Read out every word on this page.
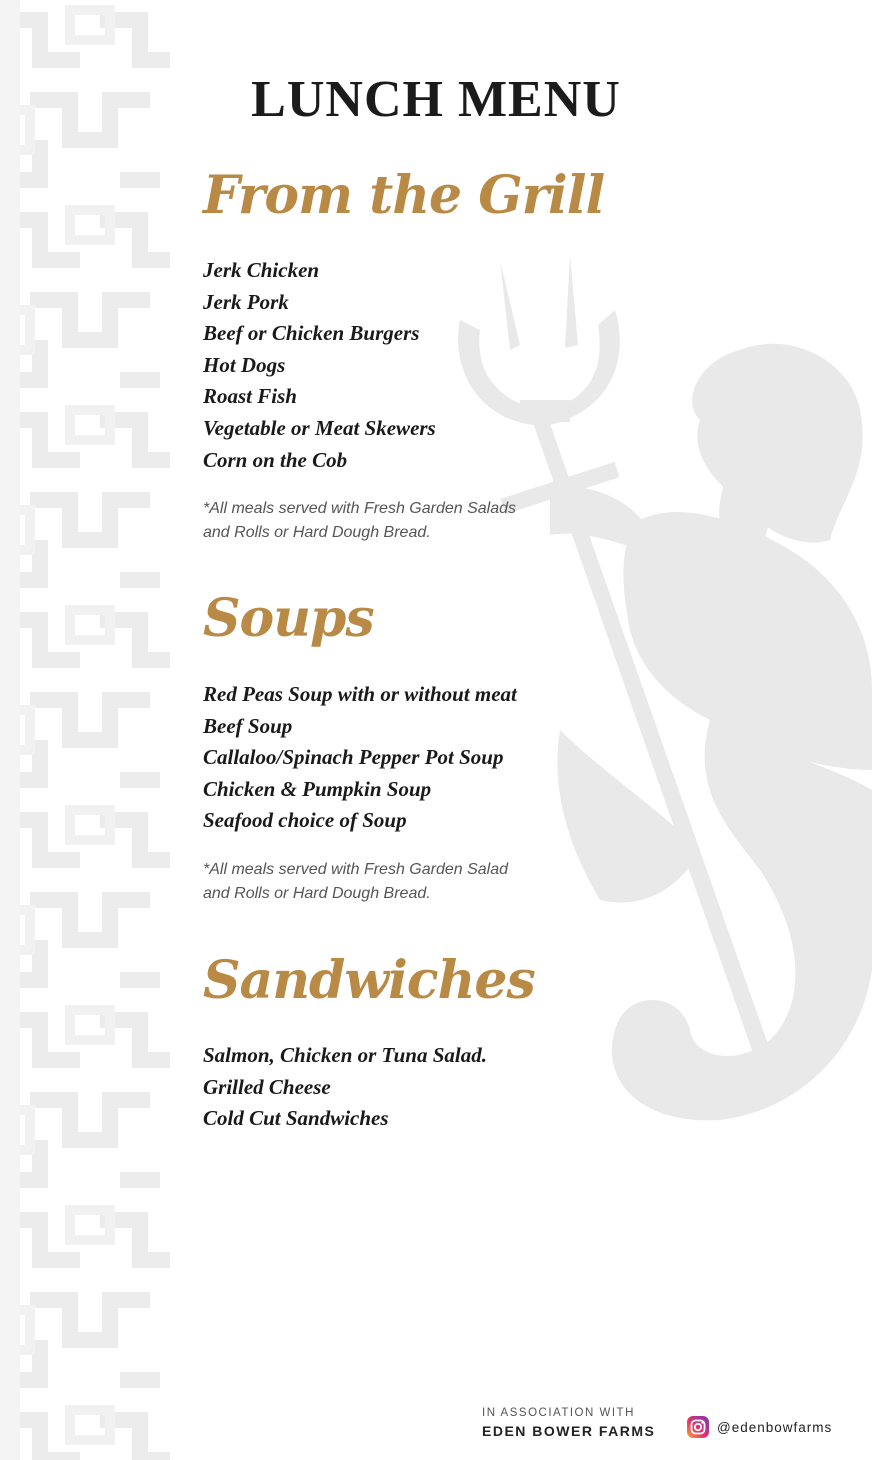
LUNCH MENU
From the Grill
Jerk Chicken
Jerk Pork
Beef or Chicken Burgers
Hot Dogs
Roast Fish
Vegetable or Meat Skewers
Corn on the Cob

*All meals served with Fresh Garden Salads
and Rolls or Hard Dough Bread.

Soups
Red Peas Soup with or without meat
Beef Soup
Callaloo/Spinach Pepper Pot Soup
Chicken & Pumpkin Soup
Seafood choice of Soup

*All meals served with Fresh Garden Salad
and Rolls or Hard Dough Bread.

Sandwiches
Salmon, Chicken or Tuna Salad.
Grilled Cheese
Cold Cut Sandwiches
IN ASSOCIATION WITH
EDEN BOWER FARMS	@edenbowfarms
